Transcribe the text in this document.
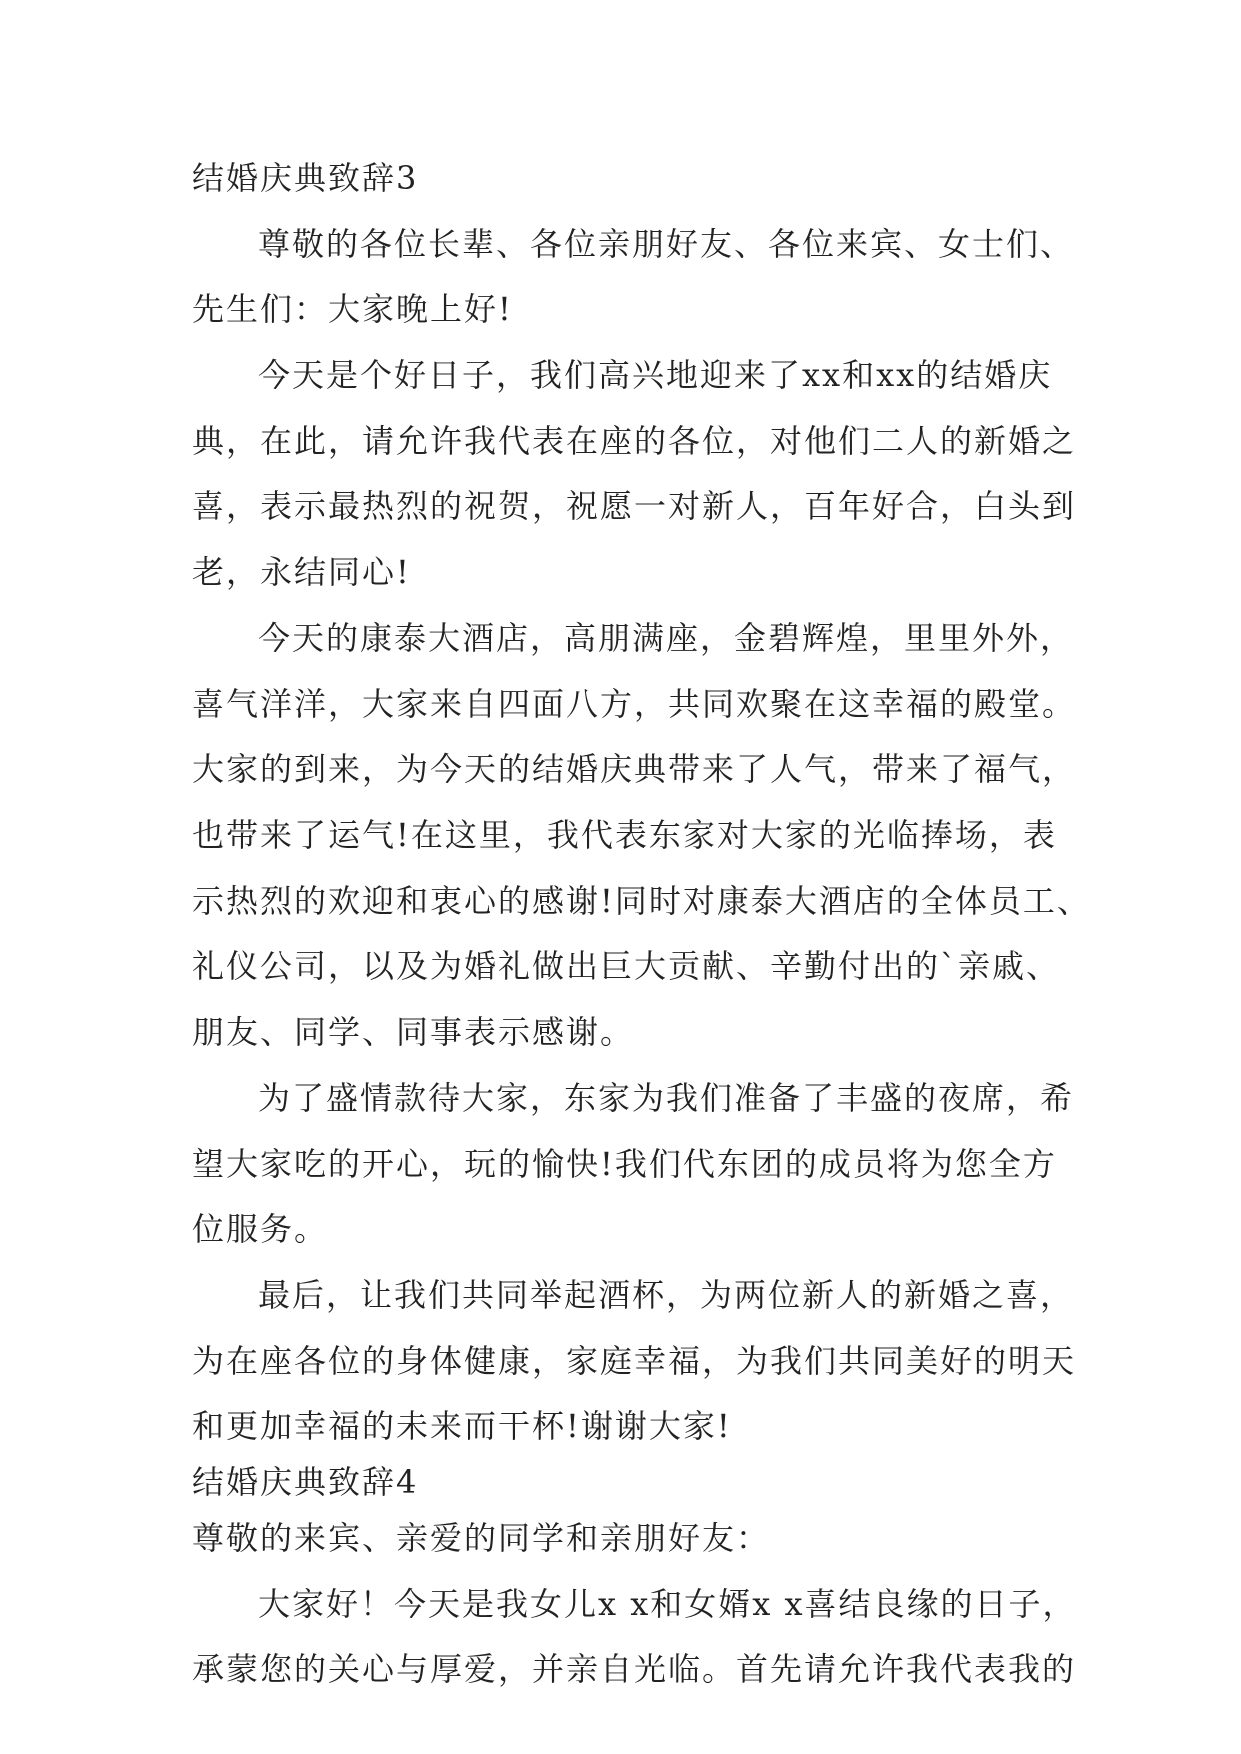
结婚庆典致辞3
尊敬的各位长辈、各位亲朋好友、各位来宾、女士们、
先生们：大家晚上好!
今天是个好日子，我们高兴地迎来了xx和xx的结婚庆
典，在此，请允许我代表在座的各位，对他们二人的新婚之
喜，表示最热烈的祝贺，祝愿一对新人，百年好合，白头到
老，永结同心!
今天的康泰大酒店，高朋满座，金碧辉煌，里里外外，
喜气洋洋，大家来自四面八方，共同欢聚在这幸福的殿堂。
大家的到来，为今天的结婚庆典带来了人气，带来了福气，
也带来了运气!在这里，我代表东家对大家的光临捧场，表
示热烈的欢迎和衷心的感谢!同时对康泰大酒店的全体员工、
礼仪公司，以及为婚礼做出巨大贡献、辛勤付出的`亲戚、
朋友、同学、同事表示感谢。
为了盛情款待大家，东家为我们准备了丰盛的夜席，希
望大家吃的开心，玩的愉快!我们代东团的成员将为您全方
位服务。
最后，让我们共同举起酒杯，为两位新人的新婚之喜，
为在座各位的身体健康，家庭幸福，为我们共同美好的明天
和更加幸福的未来而干杯!谢谢大家!
结婚庆典致辞4
尊敬的来宾、亲爱的同学和亲朋好友：
大家好！今天是我女儿x x和女婿x x喜结良缘的日子，
承蒙您的关心与厚爱，并亲自光临。首先请允许我代表我的
